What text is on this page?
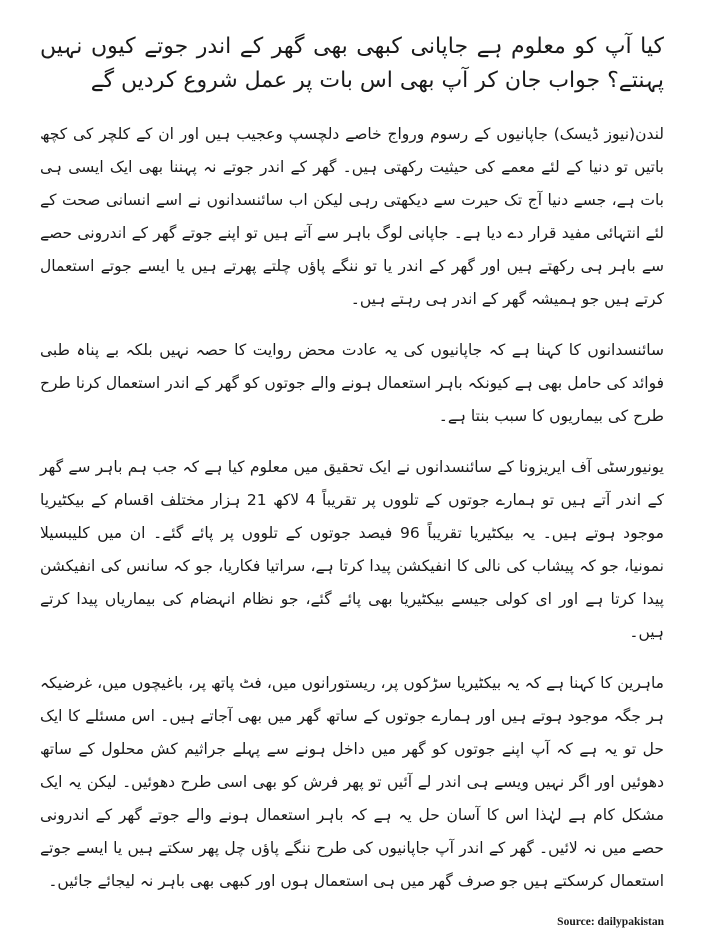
کیا آپ کو معلوم ہے جاپانی کبھی بھی گھر کے اندر جوتے کیوں نہیں پہنتے؟ جواب جان کر آپ بھی اس بات پر عمل شروع کردیں گے

لندن(نیوز ڈیسک) جاپانیوں کے رسوم ورواج خاصے دلچسپ وعجیب ہیں اور ان کے کلچر کی کچھ باتیں تو دنیا کے لئے معمے کی حیثیت رکھتی ہیں۔ گھر کے اندر جوتے نہ پہننا بھی ایک ایسی ہی بات ہے، جسے دنیا آج تک حیرت سے دیکھتی رہی لیکن اب سائنسدانوں نے اسے انسانی صحت کے لئے انتہائی مفید قرار دے دیا ہے۔ جاپانی لوگ باہر سے آتے ہیں تو اپنے جوتے گھر کے اندرونی حصے سے باہر ہی رکھتے ہیں اور گھر کے اندر یا تو ننگے پاؤں چلتے پھرتے ہیں یا ایسے جوتے استعمال کرتے ہیں جو ہمیشہ گھر کے اندر ہی رہتے ہیں۔

سائنسدانوں کا کہنا ہے کہ جاپانیوں کی یہ عادت محض روایت کا حصہ نہیں بلکہ بے پناہ طبی فوائد کی حامل بھی ہے کیونکہ باہر استعمال ہونے والے جوتوں کو گھر کے اندر استعمال کرنا طرح طرح کی بیماریوں کا سبب بنتا ہے۔

یونیورسٹی آف ایریزونا کے سائنسدانوں نے ایک تحقیق میں معلوم کیا ہے کہ جب ہم باہر سے گھر کے اندر آتے ہیں تو ہمارے جوتوں کے تلووں پر تقریباً 4 لاکھ 21 ہزار مختلف اقسام کے بیکٹیریا موجود ہوتے ہیں۔ یہ بیکٹیریا تقریباً 96 فیصد جوتوں کے تلووں پر پائے گئے۔ ان میں کلیبسیلا نمونیا، جو کہ پیشاب کی نالی کا انفیکشن پیدا کرتا ہے، سراتیا فکاریا، جو کہ سانس کی انفیکشن پیدا کرتا ہے اور ای کولی جیسے بیکٹیریا بھی پائے گئے، جو نظام انہضام کی بیماریاں پیدا کرتے ہیں۔

ماہرین کا کہنا ہے کہ یہ بیکٹیریا سڑکوں پر، ریستورانوں میں، فٹ پاتھ پر، باغیچوں میں، غرضیکہ ہر جگہ موجود ہوتے ہیں اور ہمارے جوتوں کے ساتھ گھر میں بھی آجاتے ہیں۔ اس مسئلے کا ایک حل تو یہ ہے کہ آپ اپنے جوتوں کو گھر میں داخل ہونے سے پہلے جراثیم کش محلول کے ساتھ دھوئیں اور اگر نہیں ویسے ہی اندر لے آئیں تو پھر فرش کو بھی اسی طرح دھوئیں۔ لیکن یہ ایک مشکل کام ہے لہٰذا اس کا آسان حل یہ ہے کہ باہر استعمال ہونے والے جوتے گھر کے اندرونی حصے میں نہ لائیں۔ گھر کے اندر آپ جاپانیوں کی طرح ننگے پاؤں چل پھر سکتے ہیں یا ایسے جوتے استعمال کرسکتے ہیں جو صرف گھر میں ہی استعمال ہوں اور کبھی بھی باہر نہ لیجائے جائیں۔

Source: dailypakistan
